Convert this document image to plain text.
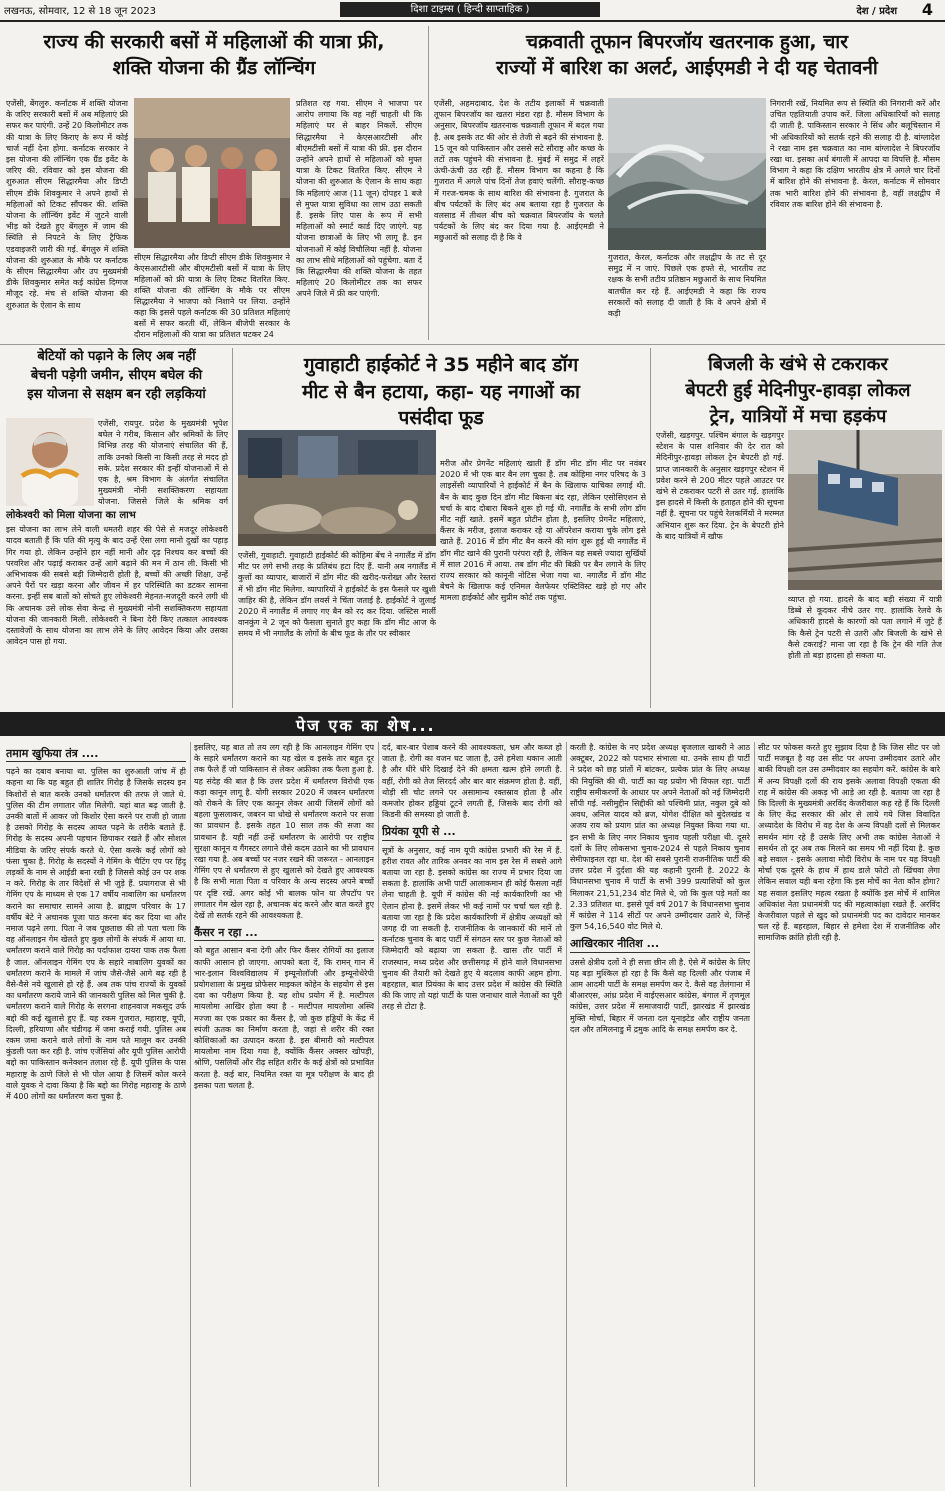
लखनऊ, सोमवार, 12 से 18 जून 2023	दिशा टाइम्स ( हिन्दी साप्ताहिक )	देश / प्रदेश 4
राज्य की सरकारी बसों में महिलाओं की यात्रा फ्री,
शक्ति योजना की ग्रैंड लॉन्चिंग
एजेंसी, बेंगलुरु. कर्नाटक में शक्ति योजना के जरिए सरकारी बसों में अब महिलाएं फ्री सफर कर पाएंगी. उन्हें 20 किलोमीटर तक की यात्रा के लिए किराए के रूप में कोई चार्ज नहीं देना होगा. कर्नाटक सरकार ने इस योजना की लॉन्चिंग एक ग्रैंड इवेंट के जरिए की. रविवार को इस योजना की शुरुआत सीएम सिद्धारमैया और डिप्टी सीएम डीके शिवकुमार ने अपने हाथों से महिलाओं को टिकट सौंपकर की. शक्ति योजना के लॉन्चिंग इवेंट में जुटने वाली भीड़ को देखते हुए बेंगलुरु में जाम की स्थिति से निपटने के लिए ट्रैफिक एडवाइजरी जारी की गई. बेंगलुरु में शक्ति योजना की शुरुआत के मौके पर कर्नाटक के सीएम सिद्धारमैया और उप मुख्यमंत्री डीके शिवकुमार समेत कई कांग्रेस दिग्गज मौजूद रहे. मंच से शक्ति योजना की शुरुआत के ऐलान के साथ
सीएम सिद्धारमैया और डिप्टी सीएम डीके शिवकुमार ने केएसआरटीसी और बीएमटीसी बसों में यात्रा के लिए महिलाओं को फ्री यात्रा के लिए टिकट वितरित किए. शक्ति योजना की लॉन्चिंग के मौके पर सीएम सिद्धारमैया ने भाजपा को निशाने पर लिया. उन्होंने कहा कि इससे पहले कर्नाटक की 30 प्रतिशत महिलाएं बसों में सफर करती थीं, लेकिन बीजेपी सरकार के दौरान महिलाओं की यात्रा का प्रतिशत घटकर 24
प्रतिशत रह गया. सीएम ने भाजपा पर आरोप लगाया कि वह नहीं चाहती थी कि महिलाएं घर से बाहर निकलें. सीएम सिद्धारमैया ने केएसआरटीसी और बीएमटीसी बसों में यात्रा की फ्री. इस दौरान उन्होंने अपने हाथों से महिलाओं को मुफ्त यात्रा के टिकट वितरित किए. सीएम ने योजना की शुरुआत के ऐलान के साथ कहा कि महिलाएं आज (11 जून) दोपहर 1 बजे से मुफ्त यात्रा सुविधा का लाभ उठा सकती हैं. इसके लिए पास के रूप में सभी महिलाओं को स्मार्ट कार्ड दिए जाएंगे. यह योजना छात्राओं के लिए भी लागू है. इन योजनाओं में कोई विचौलिया नहीं है. योजना का लाभ सीधे महिलाओं को पहुंचेगा. बता दें कि सिद्धारमैया की शक्ति योजना के तहत महिलाएं 20 किलोमीटर तक का सफर अपने जिले में फ्री कर पाएंगी.
चक्रवाती तूफान बिपरजॉय खतरनाक हुआ, चार
राज्यों में बारिश का अलर्ट, आईएमडी ने दी यह चेतावनी
एजेंसी, अहमदाबाद. देश के तटीय इलाकों में चक्रवाती तूफान बिपरजॉय का खतरा मंडरा रहा है. मौसम विभाग के अनुसार, बिपरजॉय खतरनाक चक्रवाती तूफान में बदल गया है. अब इसके तट की ओर से तेजी से बढ़ने की संभावना है. 15 जून को पाकिस्तान और उससे सटे सौराष्ट्र और कच्छ के तटों तक पहुंचने की संभावना है. मुंबई में समुद्र में लहरें ऊंची-ऊंची उठ रही हैं. मौसम विभाग का कहना है कि गुजरात में अगले पांच दिनों तेज हवाएं चलेंगी. सौराष्ट्र-कच्छ में गरज-चमक के साथ बारिश की संभावना है. गुजरात के बीच पर्यटकों के लिए बंद अब बताया रहा है गुजरात के वलसाड में तीथल बीच को चक्रवात बिपरजॉय के चलते पर्यटकों के लिए बंद कर दिया गया है. आईएमडी ने मछुआरों को सलाह दी है कि वे
गुजरात, केरल, कर्नाटक और लक्षद्वीप के तट से दूर समुद्र में न जाएं. पिछले एक हफ्ते से, भारतीय तट रक्षक के सभी तटीय प्रतिष्ठान मछुआरों के साथ नियमित बातचीत कर रहे हैं. आईएमडी ने कहा कि राज्य सरकारों को सलाह दी जाती है कि वे अपने क्षेत्रों में कड़ी
निगरानी रखें, नियमित रूप से स्थिति की निगरानी करें और उचित एहतियाती उपाय करें. जिला अधिकारियों को सलाह दी जाती है. पाकिस्तान सरकार ने सिंध और बलूचिस्तान में भी अधिकारियों को सतर्क रहने की सलाह दी है. बांग्लादेश ने रखा नाम इस चक्रवात का नाम बांग्लादेश ने बिपरजॉय रखा था. इसका अर्थ बंगाली में आपदा या विपत्ति है. मौसम विभाग ने कहा कि दक्षिण भारतीय क्षेत्र में अगले चार दिनों में बारिश होने की संभावना है. केरल, कर्नाटक में सोमवार तक भारी बारिश होने की संभावना है, वहीं लक्षद्वीप में रविवार तक बारिश होने की संभावना है.
बेटियों को पढ़ाने के लिए अब नहीं
बेचनी पड़ेगी जमीन, सीएम बघेल की
इस योजना से सक्षम बन रही लड़कियां
एजेंसी, रायपुर. प्रदेश के मुख्यमंत्री भूपेश बघेल ने गरीब, किसान और श्रमिकों के लिए विभिन्न तरह की योजनाएं संचालित की हैं, ताकि उनको किसी ना किसी तरह से मदद हो सके. प्रदेश सरकार की इन्हीं योजनाओं में से एक है, श्रम विभाग के अंतर्गत संचालित मुख्यमंत्री नोनी सशक्तिकरण सहायता योजना. जिससे जिले के श्रमिक वर्ग
लोकेश्वरी को मिला योजना का लाभ
इस योजना का लाभ लेने वाली धमतरी शहर की पेसे से मजदूर लोकेश्वरी यादव बताती हैं कि पति की मृत्यु के बाद उन्हें ऐसा लगा मानो दुखों का पहाड़ गिर गया हो. लेकिन उन्होंने हार नहीं मानी और दृढ़ निश्चय कर बच्चों की परवरिश और पढ़ाई कराकर उन्हें आगे बढ़ाने की मन में ठान ली. किसी भी अभिभावक की सबसे बड़ी जिम्मेदारी होती है, बच्चों की अच्छी शिक्षा, उन्हें अपने पैरों पर खड़ा करना और जीवन में हर परिस्थिति का डटकर सामना करना. इन्हीं सब बातों को सोचते हुए लोकेश्वरी मेहनत-मजदूरी करने लगी थी कि अचानक उसे लोक सेवा केन्द्र से मुख्यमंत्री नोनी सशक्तिकरण सहायता योजना की जानकारी मिली. लोकेश्वरी ने बिना देरी किए तत्काल आवश्यक दस्तावेजों के साथ योजना का लाभ लेने के लिए आवेदन किया और उसका आवेदन पास हो गया.
गुवाहाटी हाईकोर्ट ने 35 महीने बाद डॉग
मीट से बैन हटाया, कहा- यह नगाओं का
पसंदीदा फूड
एजेंसी, गुवाहाटी. गुवाहाटी हाईकोर्ट की कोहिमा बेंच ने नगालैंड में डॉग मीट पर लगे सभी तरह के प्रतिबंध हटा दिए हैं. यानी अब नगालैंड में कुत्तों का व्यापार, बाजारों में डॉग मीट की खरीद-फरोख्त और रेस्तरां में भी डॉग मीट मिलेगा. व्यापारियों ने हाईकोर्ट के इस फैसले पर खुशी जाहिर की है, लेकिन डॉग लवर्स ने चिंता जताई है. हाईकोर्ट ने जुलाई 2020 में नगालैंड में लगाए गए बैन को रद कर दिया. जस्टिस मार्ली वानकुंग ने 2 जून को फैसला सुनाते हुए कहा कि डॉग मीट आज के समय में भी नगालैंड के लोगों के बीच फूड के तौर पर स्वीकार
मरीज और प्रेगनेंट महिलाएं खाती हैं डॉग मीट डॉग मीट पर नवंबर 2020 में भी एक बार बैन लग चुका है. तब कोहिमा नगर परिषद के 3 लाइसेंसी व्यापारियों ने हाईकोर्ट में बैन के खिलाफ याचिका लगाई थी. बैन के बाद कुछ दिन डॉग मीट बिकना बंद रहा, लेकिन एसोसिएशन से चर्चा के बाद दोबारा बिकने शुरू हो गई थी. नगालैंड के सभी लोग डॉग मीट नहीं खाते. इसमें बहुत प्रोटीन होता है, इसलिए प्रेगनेंट महिलाएं, कैंसर के मरीज, इलाज कराकर रहे या ऑपरेशन कराया चुके लोग इसे खाते हैं. 2016 में डॉग मीट बैन करने की मांग शुरू हुई थी नगालैंड में डॉग मीट खाने की पुरानी परंपरा रही है, लेकिन यह सबसे ज्यादा सुर्खियों में साल 2016 में आया. तब डॉग मीट की बिक्री पर बैन लगाने के लिए राज्य सरकार को कानूनी नोटिस भेजा गया था. नगालैंड में डॉग मीट बेचने के खिलाफ कई एनिमल वेलफेयर एक्टिविस्ट खड़े हो गए और मामला हाईकोर्ट और सुप्रीम कोर्ट तक पहुंचा.
बिजली के खंभे से टकराकर
बेपटरी हुई मेदिनीपुर-हावड़ा लोकल
ट्रेन, यात्रियों में मचा हड़कंप
एजेंसी, खड़गपुर. पश्चिम बंगाल के खड़गपुर स्टेशन के पास शनिवार की देर रात को मेदिनीपुर-हावड़ा लोकल ट्रेन बेपटरी हो गई. प्राप्त जानकारी के अनुसार खड़गपुर स्टेशन में प्रवेश करने से 200 मीटर पहले आउटर पर खंभे से टकराकर पटरी से उतर गई. हालांकि इस हादसे में किसी के हताहत होने की सूचना नहीं है. सूचना पर पहुंचे रेलकर्मियों ने मरम्मत अभियान शुरू कर दिया. ट्रेन के बेपटरी होने के बाद यात्रियों में खौफ
व्याप्त हो गया. हादसे के बाद बड़ी संख्या में यात्री डिब्बे से कूदकर नीचे उतर गए. हालांकि रेलवे के अधिकारी हादसे के कारणों को पता लगाने में जुटे हैं कि कैसे ट्रेन पटरी से उतरी और बिजली के खंभे से कैसे टकराई? माना जा रहा है कि ट्रेन की गति तेज होती तो बड़ा हादसा हो सकता था.
पेज एक का शेष...
तमाम खुफिया तंत्र ....
पढ़ने का दबाव बनाया था. पुलिस का शुरुआती जांच में ही कहना था कि यह बहुत ही शातिर गिरोह है जिसके सदस्य इन किशोरों से बात करके उनको धर्मांतरण की तरफ ले जाते थे. पुलिस की टीम लगातार जीत मिलेगी. यहां बात बढ़ जाती है. उनकी बातों में आकर जो किशोर ऐसा करने पर राजी हो जाता है उसको गिरोह के सदस्य आयत पढ़ने के तरीके बताते हैं. गिरोह के सदस्य अपनी पहचान छिपाकर रखते हैं और सोशल मीडिया के जरिए संपर्क करते थे. ऐसा करके कई लोगों को फंसा चुका है. गिरोह के सदस्यों ने गेमिंग के चैटिंग एप पर हिंदू लड़कों के नाम से आईडी बना रखी है जिससे कोई उन पर शक न करे. गिरोह के तार विदेशों से भी जुड़े हैं. प्रयागराज से भी गेमिंग एप के माध्यम से एक 17 वर्षीय नाबालिग का धर्मांतरण कराने का समाचार सामने आया है. ब्राह्मण परिवार के 17 वर्षीय बेटे ने अचानक पूजा पाठ करना बंद कर दिया था और नमाज पढ़ने लगा. पिता ने जब पूछताछ की तो पता चला कि वह ऑनलाइन गेम खेलते हुए कुछ लोगों के संपर्क में आया था. धर्मांतरण कराने वाले गिरोह का पर्दाफाश दायरा पाक तक फैला है जाल. ऑनलाइन गेमिंग एप के सहारे नाबालिग युवकों का धर्मांतरण कराने के मामले में जांच जैसे-जैसे आगे बढ़ रही है वैसे-वैसे नये खुलासे हो रहे हैं. अब तक पांच राज्यों के युवकों का धर्मांतरण कराये जाने की जानकारी पुलिस को मिल चुकी है. धर्मांतरण कराने वाले गिरोह के सरगना शाहनवाज मकसूद उर्फ बद्दो की कई खुलासे हुए हैं. यह रकम गुजरात, महाराष्ट्र, यूपी, दिल्ली, हरियाणा और चंडीगढ़ में जमा कराई गयी. पुलिस अब रकम जमा कराने वाले लोगों के नाम पते मालूम कर उनकी कुंडली पता कर रही है. जांच एजेंसियां और यूपी पुलिस आरोपी बद्दो का पाकिस्तान कनेक्शन तलाश रहे हैं. यूपी पुलिस के पास महाराष्ट्र के ठाणे जिले से भी पोल आया है जिसमें कोल करने वाले युवक ने दावा किया है कि बद्दो का गिरोह महाराष्ट्र के ठाणे में 400 लोगों का धर्मांतरण करा चुका है.
इसलिए, यह बात तो तय लग रही है कि आनलाइन गेमिंग एप के सहारे धर्मांतरण कराने का यह खेल व इसके तार बहुत दूर तक फैले हैं जो पाकिस्तान से लेकर अफ्रीका तक फैला हुआ है. यह संदेह की बात है कि उत्तर प्रदेश में धर्मांतरण विरोधी एक कड़ा कानून लागू है. योगी सरकार 2020 में जबरन धर्मांतरण को रोकने के लिए एक कानून लेकर आयी जिसमें लोगों को बहला फुसलाकर, जबरन या धोखे से धर्मांतरण कराने पर सजा का प्रावधान है. इसके तहत 10 साल तक की सजा का प्रावधान है. यही नहीं उन्हें धर्मांतरण के आरोपी पर राष्ट्रीय सुरक्षा कानून व गैंगस्टर लगाने जैसे कदम उठाने का भी प्रावधान रखा गया है. अब बच्चों पर नजर रखने की जरूरत - आनलाइन गेमिंग एप से धर्मांतरण से हुए खुलासे को देखते हुए आवश्यक है कि सभी माता पिता व परिवार के अन्य सदस्य अपने बच्चों पर दृष्टि रखें. अगर कोई भी बालक फोन या लैपटॉप पर लगातार गेम खेल रहा है, अचानक बंद करने और बात करते हुए देखें तो सतर्क रहने की आवश्यकता है.
कैंसर न रहा ...
को बहुत आसान बना देगी और फिर कैंसर रोगियों का इलाज काफी आसान हो जाएगा. आपको बता दें, कि रामन् गान में भार-इलान विश्वविद्यालय में इम्यूनोलॉजी और इम्यूनोथेरेपी प्रयोगशाला के प्रमुख प्रोफेसर माइकल कोहेन के सहयोग से इस दवा का परीक्षण किया है. यह शोध प्रयोग में है. मल्टीपल मायलोमा आखिर होता क्या है - मल्टीपल मायलोमा अस्थि मज्जा का एक प्रकार का कैंसर है, जो कुछ हड्डियों के केंद्र में स्पंजी ऊतक का निर्माण करता है, जहां से शरीर की रक्त कोशिकाओं का उत्पादन करता है. इस बीमारी को मल्टीपल मायलोमा नाम दिया गया है, क्योंकि कैंसर अक्सर खोपड़ी, श्रोणि, पसलियों और रीढ़ सहित शरीर के कई क्षेत्रों को प्रभावित करता है. कई बार, नियमित रक्त या मूत्र परीक्षण के बाद ही इसका पता चलता है.
दर्द, बार-बार पेशाब करने की आवश्यकता, भ्रम और कब्ज हो जाता है. रोगी का वजन घट जाता है, उसे हमेशा थकान आती है और धीरे धीरे दिखाई देने की क्षमता खत्म होने लगती है. वहीं, रोगी को तेज सिरदर्द और बार बार संक्रमण होता है. वहीं, थोड़ी सी चोट लगने पर असामान्य रक्तस्राव होता है और कमजोर होकर हड्डियां टूटने लगती हैं, जिसके बाद रोगी को किडनी की समस्या हो जाती है.
प्रियंका यूपी से ...
सूत्रों के अनुसार, कई नाम यूपी कांग्रेस प्रभारी की रेस में हैं. हरीश रावत और तारिक अनवर का नाम इस रेस में सबसे आगे बताया जा रहा है. इसको कांग्रेस का राज्य में प्रभार दिया जा सकता है. हालांकि अभी पार्टी आलाकमान ही कोई फैसला नहीं लेना चाहती है. यूपी में कांग्रेस की नई कार्यकारिणी का भी ऐलान होना है. इसमें लेकर भी कई नामों पर चर्चा चल रही है. बताया जा रहा है कि प्रदेश कार्यकारिणी में क्षेत्रीय अध्यक्षों को जगह दी जा सकती है. राजनीतिक के जानकारों की मानें तो कर्नाटक चुनाव के बाद पार्टी में संगठन स्तर पर कुछ नेताओं को जिम्मेदारी को बढ़ाया जा सकता है. खास तौर पार्टी में राजस्थान, मध्य प्रदेश और छत्तीसगढ़ में होने वाले विधानसभा चुनाव की तैयारी को देखते हुए ये बदलाव काफी अहम होगा. बहरहाल, बात प्रियंका के बाद उत्तर प्रदेश में कांग्रेस की स्थिति की कि जाए तो यहां पार्टी के पास जनाधार वाले नेताओं का पूरी तरह से टोटा है.
करती है. कांग्रेस के नए प्रदेश अध्यक्ष बृजलाल खाबरी ने आठ अक्टूबर, 2022 को पदभार संभाला था. उनके साथ ही पार्टी ने प्रदेश को छह प्रांतों में बांटकर, प्रत्येक प्रांत के लिए अध्यक्ष की नियुक्ति की थी. पार्टी का यह प्रयोग भी विफल रहा. पार्टी राष्ट्रीय समीकरणों के आधार पर अपने नेताओं को नई जिम्मेदारी सौंपी गई. नसीमुद्दीन सिद्दीकी को पश्चिमी प्रांत, नकुल दुबे को अवध, अनिल यादव को ब्रज, योगेश दीक्षित को बुंदेलखंड व अजय राय को प्रयाग प्रांत का अध्यक्ष नियुक्त किया गया था. इन सभी के लिए नगर निकाय चुनाव पहली परीक्षा थी. दूसरे दलों के लिए लोकसभा चुनाव-2024 से पहले निकाय चुनाव सेमीफाइनल रहा था. देश की सबसे पुरानी राजनीतिक पार्टी की उत्तर प्रदेश में दुर्दशा की यह कहानी पुरानी है. 2022 के विधानसभा चुनाव में पार्टी के सभी 399 प्रत्याशियों को कुल मिलाकर 21,51,234 वोट मिले थे, जो कि कुल पड़े मतों का 2.33 प्रतिशत था. इससे पूर्व वर्ष 2017 के विधानसभा चुनाव में कांग्रेस ने 114 सीटों पर अपने उम्मीदवार उतारे थे, जिन्हें कुल 54,16,540 वोट मिले थे.
आखिरकार नीतिश ...
उससे क्षेत्रीय दलों ने ही सत्ता छीन ली है. ऐसे में कांग्रेस के लिए यह बड़ा मुश्किल हो रहा है कि कैसे वह दिल्ली और पंजाब में आम आदमी पार्टी के समक्ष समर्पण कर दे. कैसे वह तेलंगाना में बीआरएस, आंध्र प्रदेश में वाईएसआर कांग्रेस, बंगाल में तृणमूल कांग्रेस, उत्तर प्रदेश में समाजवादी पार्टी, झारखंड में झारखंड मुक्ति मोर्चा, बिहार में जनता दल यूनाइटेड और राष्ट्रीय जनता दल और तमिलनाडु में द्रमुक आदि के समक्ष समर्पण कर दे.
सीट पर फोकस करते हुए सुझाव दिया है कि जिस सीट पर जो पार्टी मजबूत है वह उस सीट पर अपना उम्मीदवार उतारे और बाकी विपक्षी दल उस उम्मीदवार का सहयोग करें. कांग्रेस के बारे में अन्य विपक्षी दलों की राय इसके अलावा विपक्षी एकता की राह में कांग्रेस की अकड़ भी आड़े आ रही है. बताया जा रहा है कि दिल्ली के मुख्यमंत्री अरविंद केजरीवाल कह रहे हैं कि दिल्ली के लिए केंद्र सरकार की ओर से लाये गये जिस विवादित अध्यादेश के विरोध में वह देश के अन्य विपक्षी दलों से मिलकर समर्थन मांग रहे हैं उसके लिए अभी तक कांग्रेस नेताओं ने समर्थन तो दूर अब तक मिलने का समय भी नहीं दिया है. कुछ बड़े सवाल - इसके अलावा मोदी विरोध के नाम पर यह विपक्षी मोर्चा एक दूसरे के हाथ में हाथ डाले फोटो तो खिंचवा लेगा लेकिन सवाल यही बना रहेगा कि इस मोर्चे का नेता कौन होगा? यह सवाल इसलिए महत्व रखता है क्योंकि इस मोर्चे में शामिल अधिकांश नेता प्रधानमंत्री पद की महत्वाकांक्षा रखते हैं. अरविंद केजरीवाल पहले से खुद को प्रधानमंत्री पद का दावेदार मानकर चल रहे हैं. बहरहाल, बिहार से हमेशा देश में राजनीतिक और सामाजिक क्रांति होती रही है.
